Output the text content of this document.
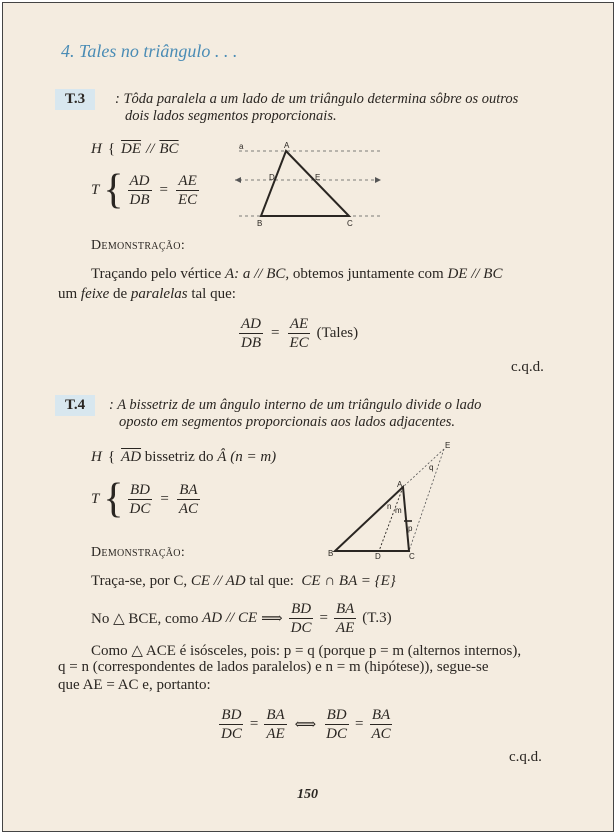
4. Tales no triângulo . . .
T.3	: Tôda paralela a um lado de um triângulo determina sôbre os outros
dois lados segmentos proporcionais.
H { $\overline{DE} // \overline{BC}$
T { $\frac{AD}{DB} = \frac{AE}{EC}$
a	A
D	E
B	C
Demonstração:
Traçando pelo vértice
A: a // BC,
obtemos juntamente com
DE // BC
um
feixe
de
paralelas
tal que:
$\frac{AD}{DB} = \frac{AE}{EC}$ (Tales)
c.q.d.
T.4	: A bissetriz de um ângulo interno de um triângulo divide o lado
oposto em segmentos proporcionais aos lados adjacentes.
H { $\overline{AD}$
bissetriz do
Â
(n = m)
T { $\frac{BD}{DC} = \frac{BA}{AC}$
E
q
A
n m
p
B	D	C
Demonstração:
Traça-se, por C,
CE // AD
tal que:
CE ∩ BA = {E}
No △ BCE, como
AD // CE ⟹ $\frac{BD}{DC} = \frac{BA}{AE} (T.3)$
Como △ ACE é isósceles, pois: p = q (porque p = m (alternos internos),
q = n (correspondentes de lados paralelos) e n = m (hipótese)), segue-se
que AE = AC e, portanto:
$\frac{BD}{DC} = \frac{BA}{AE}$ ⟺ $\frac{BD}{DC} = \frac{BA}{AC}$
c.q.d.
150
